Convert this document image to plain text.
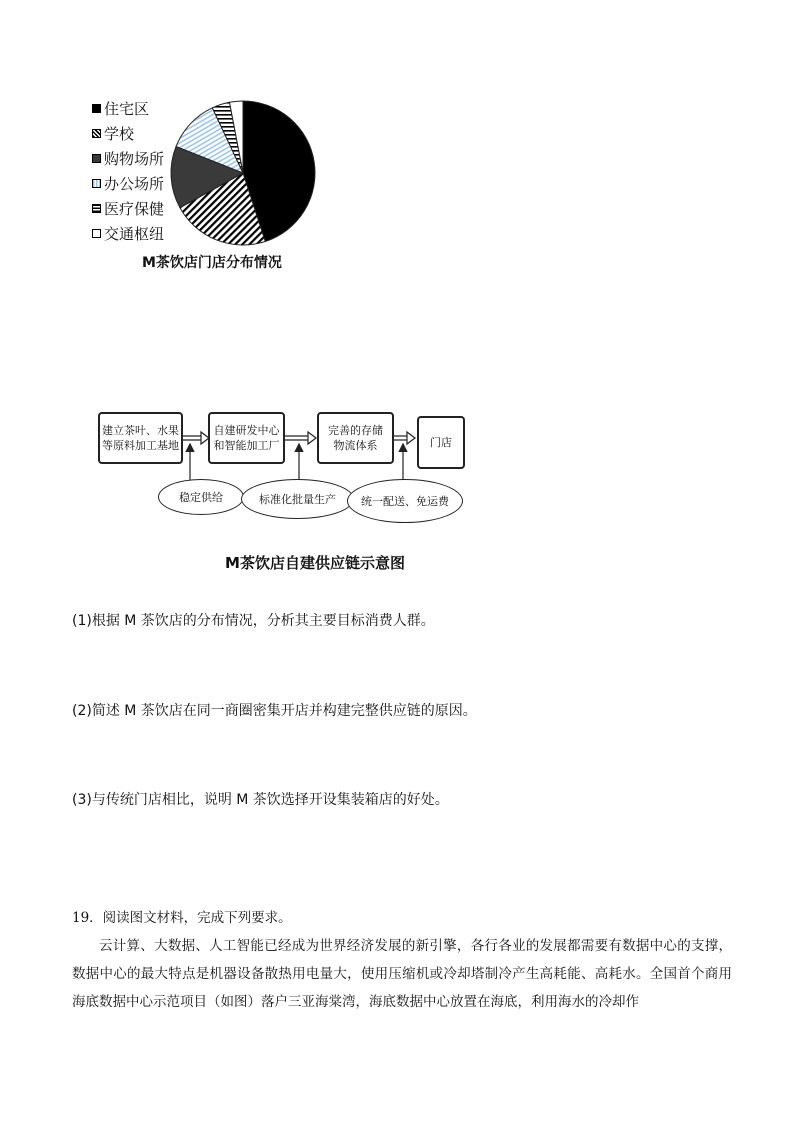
住宅区
学校
购物场所
办公场所
医疗保健
交通枢纽
M茶饮店门店分布情况
建立茶叶、水果
等原料加工基地
自建研发中心
和智能加工厂
完善的存储
物流体系	门店
稳定供给	标准化批量生产	统一配送、免运费
M茶饮店自建供应链示意图
(1)根据 M 茶饮店的分布情况，分析其主要目标消费人群。
(2)简述 M 茶饮店在同一商圈密集开店并构建完整供应链的原因。
(3)与传统门店相比，说明 M 茶饮选择开设集装箱店的好处。
19．阅读图文材料，完成下列要求。
云计算、大数据、人工智能已经成为世界经济发展的新引擎，各行各业的发展都需要有数据中心的支撑，数据中心的最大特点是机器设备散热用电量大，使用压缩机或冷却塔制冷产生高耗能、高耗水。全国首个商用海底数据中心示范项目（如图）落户三亚海棠湾，海底数据中心放置在海底，利用海水的冷却作
